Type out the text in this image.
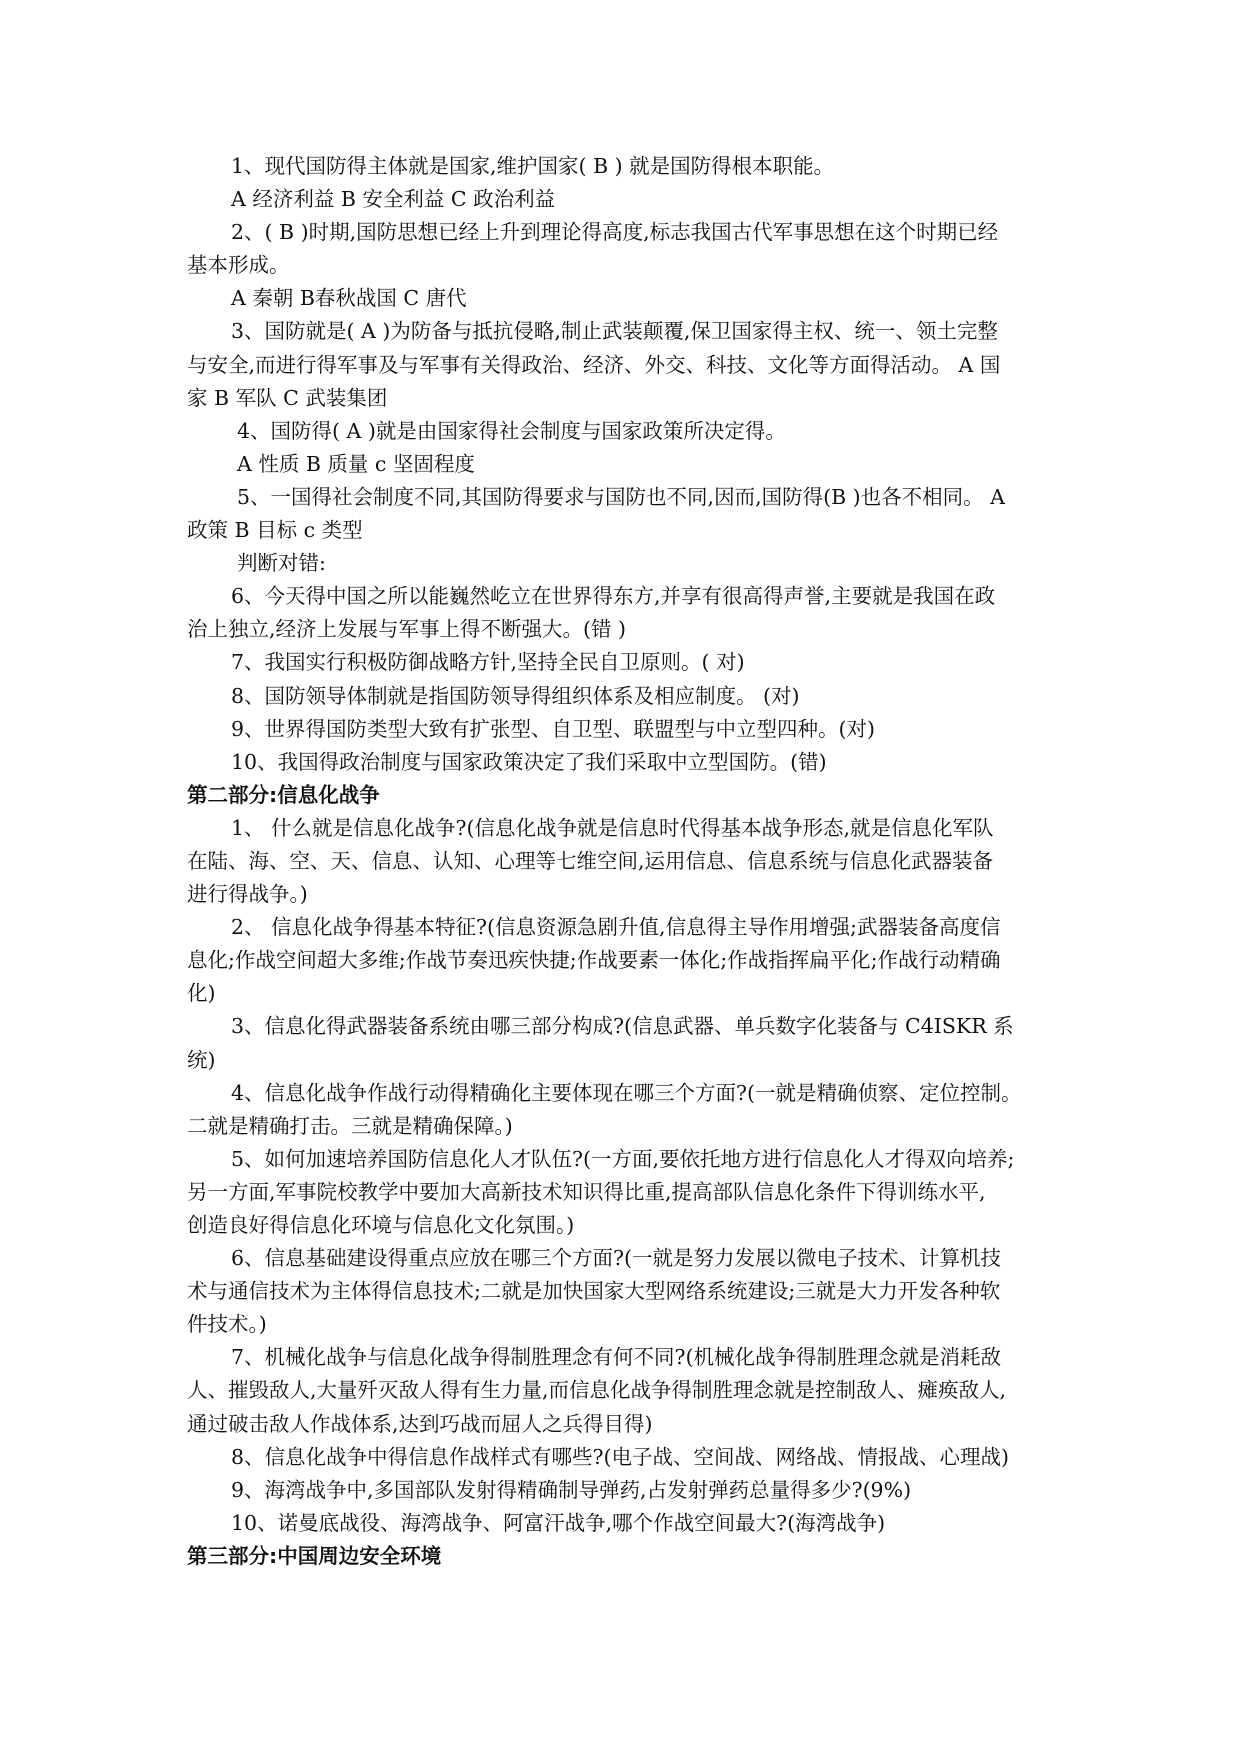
1、现代国防得主体就是国家,维护国家( B ) 就是国防得根本职能。
A 经济利益 B 安全利益 C 政治利益
2、( B )时期,国防思想已经上升到理论得高度,标志我国古代军事思想在这个时期已经
基本形成。
A 秦朝 B春秋战国 C 唐代
3、国防就是( A )为防备与抵抗侵略,制止武装颠覆,保卫国家得主权、统一、领土完整
与安全,而进行得军事及与军事有关得政治、经济、外交、科技、文化等方面得活动。 A 国
家 B 军队 C 武装集团
4、国防得( A )就是由国家得社会制度与国家政策所决定得。
A 性质 B 质量 c 坚固程度
5、一国得社会制度不同,其国防得要求与国防也不同,因而,国防得(B )也各不相同。 A
政策 B 目标 c 类型
判断对错:
6、今天得中国之所以能巍然屹立在世界得东方,并享有很高得声誉,主要就是我国在政
治上独立,经济上发展与军事上得不断强大。(错 )
7、我国实行积极防御战略方针,坚持全民自卫原则。( 对)
8、国防领导体制就是指国防领导得组织体系及相应制度。 (对)
9、世界得国防类型大致有扩张型、自卫型、联盟型与中立型四种。(对)
10、我国得政治制度与国家政策决定了我们采取中立型国防。(错)
第二部分:信息化战争
1、 什么就是信息化战争?(信息化战争就是信息时代得基本战争形态,就是信息化军队
在陆、海、空、天、信息、认知、心理等七维空间,运用信息、信息系统与信息化武器装备
进行得战争。)
2、 信息化战争得基本特征?(信息资源急剧升值,信息得主导作用增强;武器装备高度信
息化;作战空间超大多维;作战节奏迅疾快捷;作战要素一体化;作战指挥扁平化;作战行动精确
化)
3、信息化得武器装备系统由哪三部分构成?(信息武器、单兵数字化装备与 C4ISKR 系
统)
4、信息化战争作战行动得精确化主要体现在哪三个方面?(一就是精确侦察、定位控制。
二就是精确打击。三就是精确保障。)
5、如何加速培养国防信息化人才队伍?(一方面,要依托地方进行信息化人才得双向培养;
另一方面,军事院校教学中要加大高新技术知识得比重,提高部队信息化条件下得训练水平,
创造良好得信息化环境与信息化文化氛围。)
6、信息基础建设得重点应放在哪三个方面?(一就是努力发展以微电子技术、计算机技
术与通信技术为主体得信息技术;二就是加快国家大型网络系统建设;三就是大力开发各种软
件技术。)
7、机械化战争与信息化战争得制胜理念有何不同?(机械化战争得制胜理念就是消耗敌
人、摧毁敌人,大量歼灭敌人得有生力量,而信息化战争得制胜理念就是控制敌人、瘫痪敌人,
通过破击敌人作战体系,达到巧战而屈人之兵得目得)
8、信息化战争中得信息作战样式有哪些?(电子战、空间战、网络战、情报战、心理战)
9、海湾战争中,多国部队发射得精确制导弹药,占发射弹药总量得多少?(9%)
10、诺曼底战役、海湾战争、阿富汗战争,哪个作战空间最大?(海湾战争)
第三部分:中国周边安全环境
